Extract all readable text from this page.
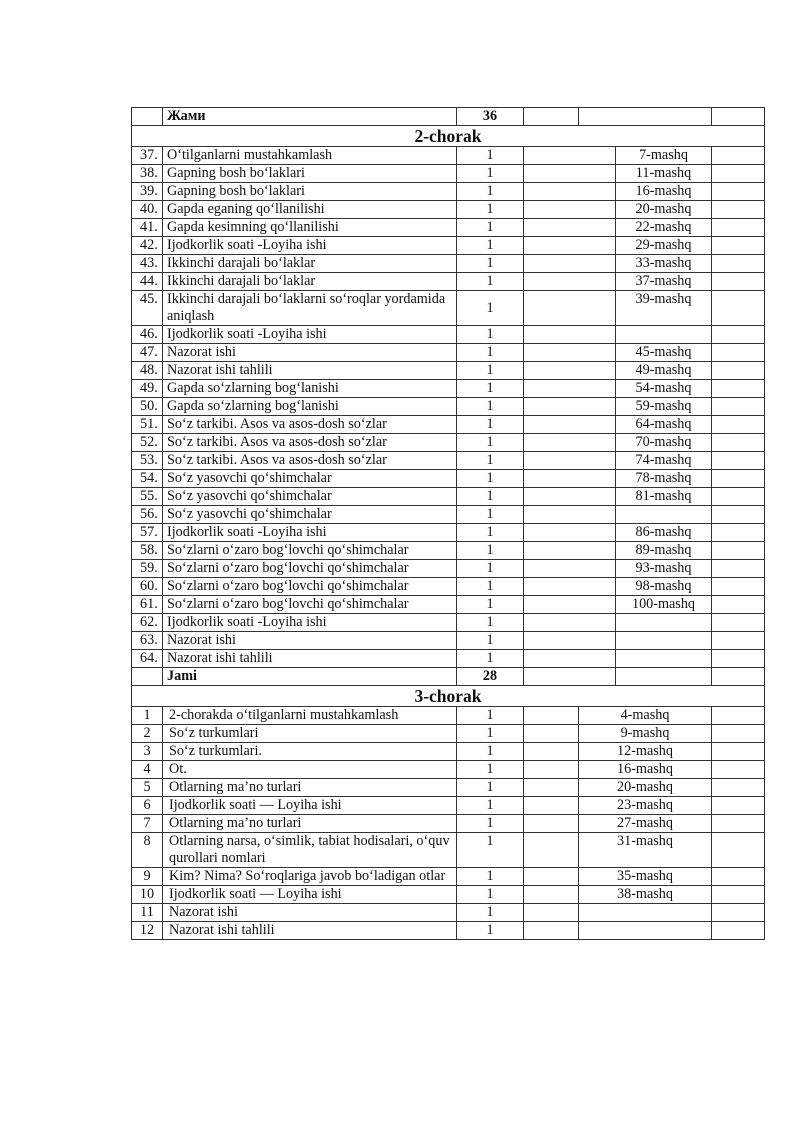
	Жами	36				
2-chorak						
37.	O‘tilganlarni mustahkamlash	1			7-mashq	
38.	Gapning bosh bo‘laklari	1			11-mashq	
39.	Gapning bosh bo‘laklari	1			16-mashq	
40.	Gapda eganing qo‘llanilishi	1			20-mashq	
41.	Gapda kesimning qo‘llanilishi	1			22-mashq	
42.	Ijodkorlik soati -Loyiha ishi	1			29-mashq	
43.	Ikkinchi darajali bo‘laklar	1			33-mashq	
44.	Ikkinchi darajali bo‘laklar	1			37-mashq	
45.	Ikkinchi darajali bo‘laklarni so‘roqlar yordamida aniqlash	1			39-mashq	
46.	Ijodkorlik soati -Loyiha ishi	1				
47.	Nazorat ishi	1			45-mashq	
48.	Nazorat ishi tahlili	1			49-mashq	
49.	Gapda so‘zlarning bog‘lanishi	1			54-mashq	
50.	Gapda so‘zlarning bog‘lanishi	1			59-mashq	
51.	So‘z tarkibi. Asos va asos-dosh so‘zlar	1			64-mashq	
52.	So‘z tarkibi. Asos va asos-dosh so‘zlar	1			70-mashq	
53.	So‘z tarkibi. Asos va asos-dosh so‘zlar	1			74-mashq	
54.	So‘z yasovchi qo‘shimchalar	1			78-mashq	
55.	So‘z yasovchi qo‘shimchalar	1			81-mashq	
56.	So‘z yasovchi qo‘shimchalar	1				
57.	Ijodkorlik soati -Loyiha ishi	1			86-mashq	
58.	So‘zlarni o‘zaro bog‘lovchi qo‘shimchalar	1			89-mashq	
59.	So‘zlarni o‘zaro bog‘lovchi qo‘shimchalar	1			93-mashq	
60.	So‘zlarni o‘zaro bog‘lovchi qo‘shimchalar	1			98-mashq	
61.	So‘zlarni o‘zaro bog‘lovchi qo‘shimchalar	1			100-mashq	
62.	Ijodkorlik soati -Loyiha ishi	1				
63.	Nazorat ishi	1				
64.	Nazorat ishi tahlili	1				
	Jami	28				
3-chorak						
1	2-chorakda o‘tilganlarni mustahkamlash	1		4-mashq		
2	So‘z turkumlari	1		9-mashq		
3	So‘z turkumlari.	1		12-mashq		
4	Ot.	1		16-mashq		
5	Otlarning ma’no turlari	1		20-mashq		
6	Ijodkorlik soati — Loyiha ishi	1		23-mashq		
7	Otlarning ma’no turlari	1		27-mashq		
8	Otlarning narsa, o‘simlik, tabiat hodisalari, o‘quv qurollari nomlari	1		31-mashq		
9	Kim? Nima? So‘roqlariga javob bo‘ladigan otlar	1		35-mashq		
10	Ijodkorlik soati — Loyiha ishi	1		38-mashq		
11	Nazorat ishi	1				
12	Nazorat ishi tahlili	1				
